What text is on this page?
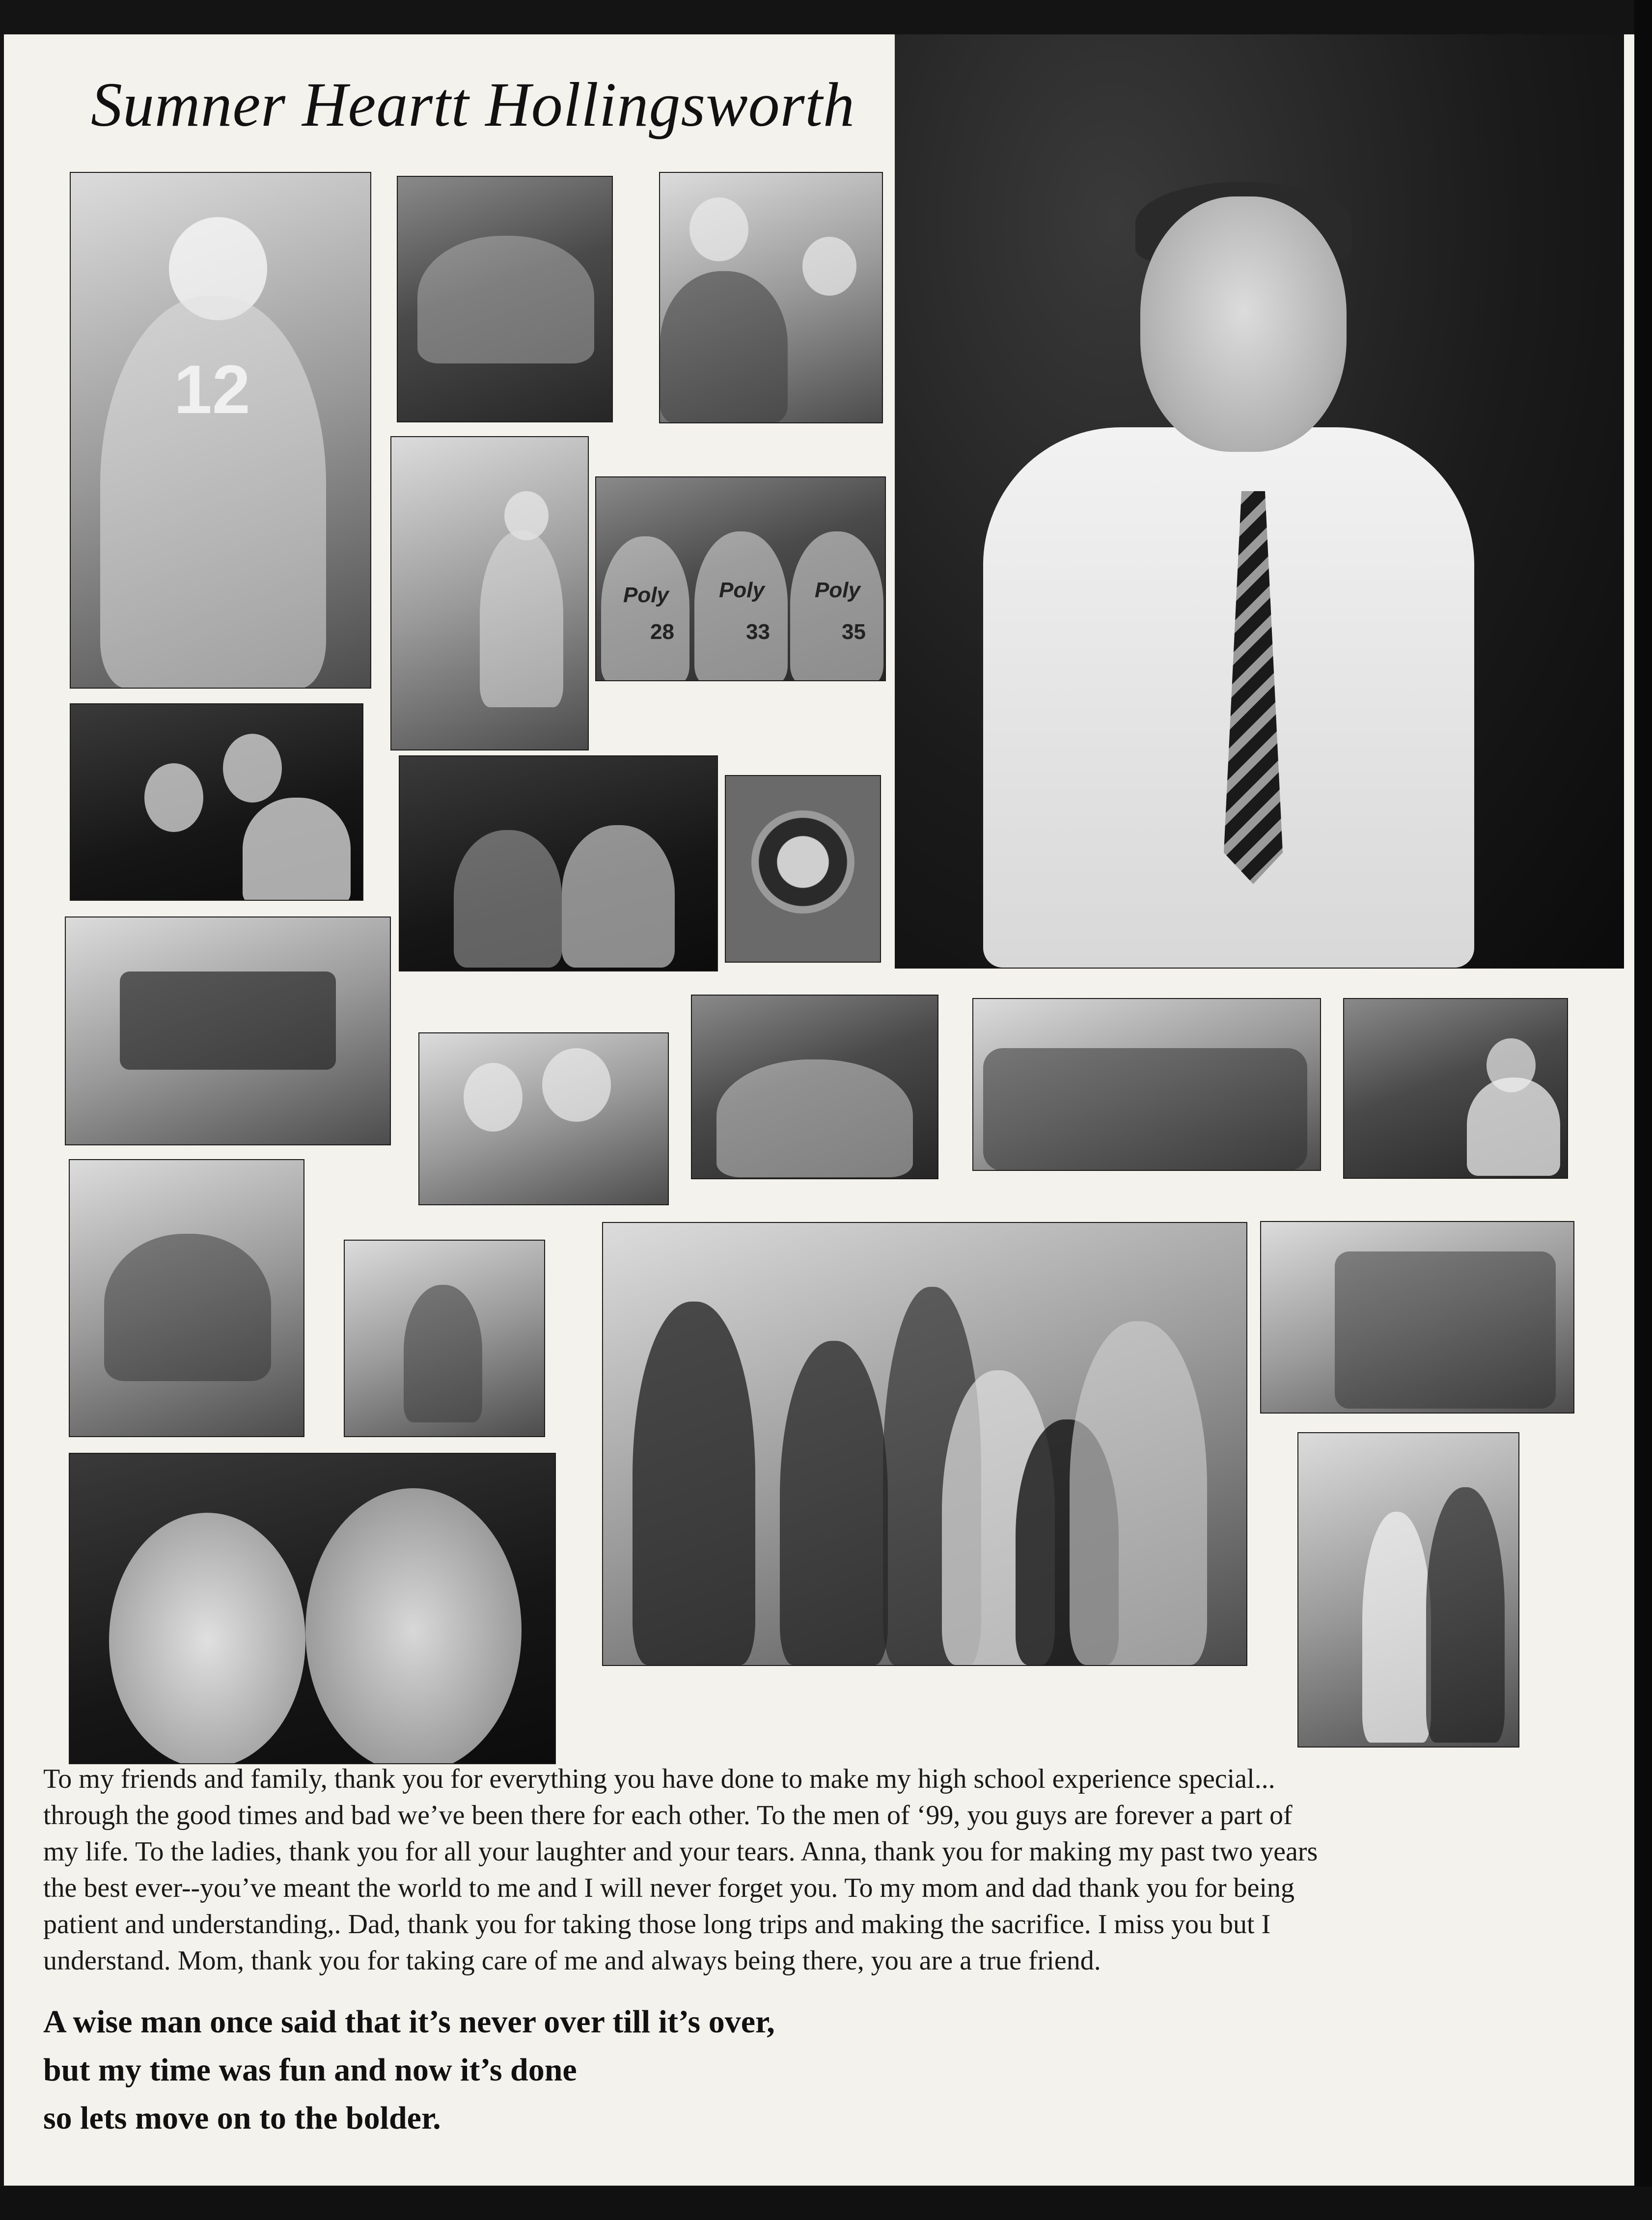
Sumner Heartt Hollingsworth
12
Poly Poly Poly
28	33	35

To my friends and family, thank you for everything you have done to make my high school experience special...
through the good times and bad we’ve been there for each other. To the men of ‘99, you guys are forever a part of
my life. To the ladies, thank you for all your laughter and your tears. Anna, thank you for making my past two years
the best ever--you’ve meant the world to me and I will never forget you. To my mom and dad thank you for being
patient and understanding,. Dad, thank you for taking those long trips and making the sacrifice. I miss you but I
understand. Mom, thank you for taking care of me and always being there, you are a true friend.

A wise man once said that it’s never over till it’s over,
but my time was fun and now it’s done
so lets move on to the bolder.
